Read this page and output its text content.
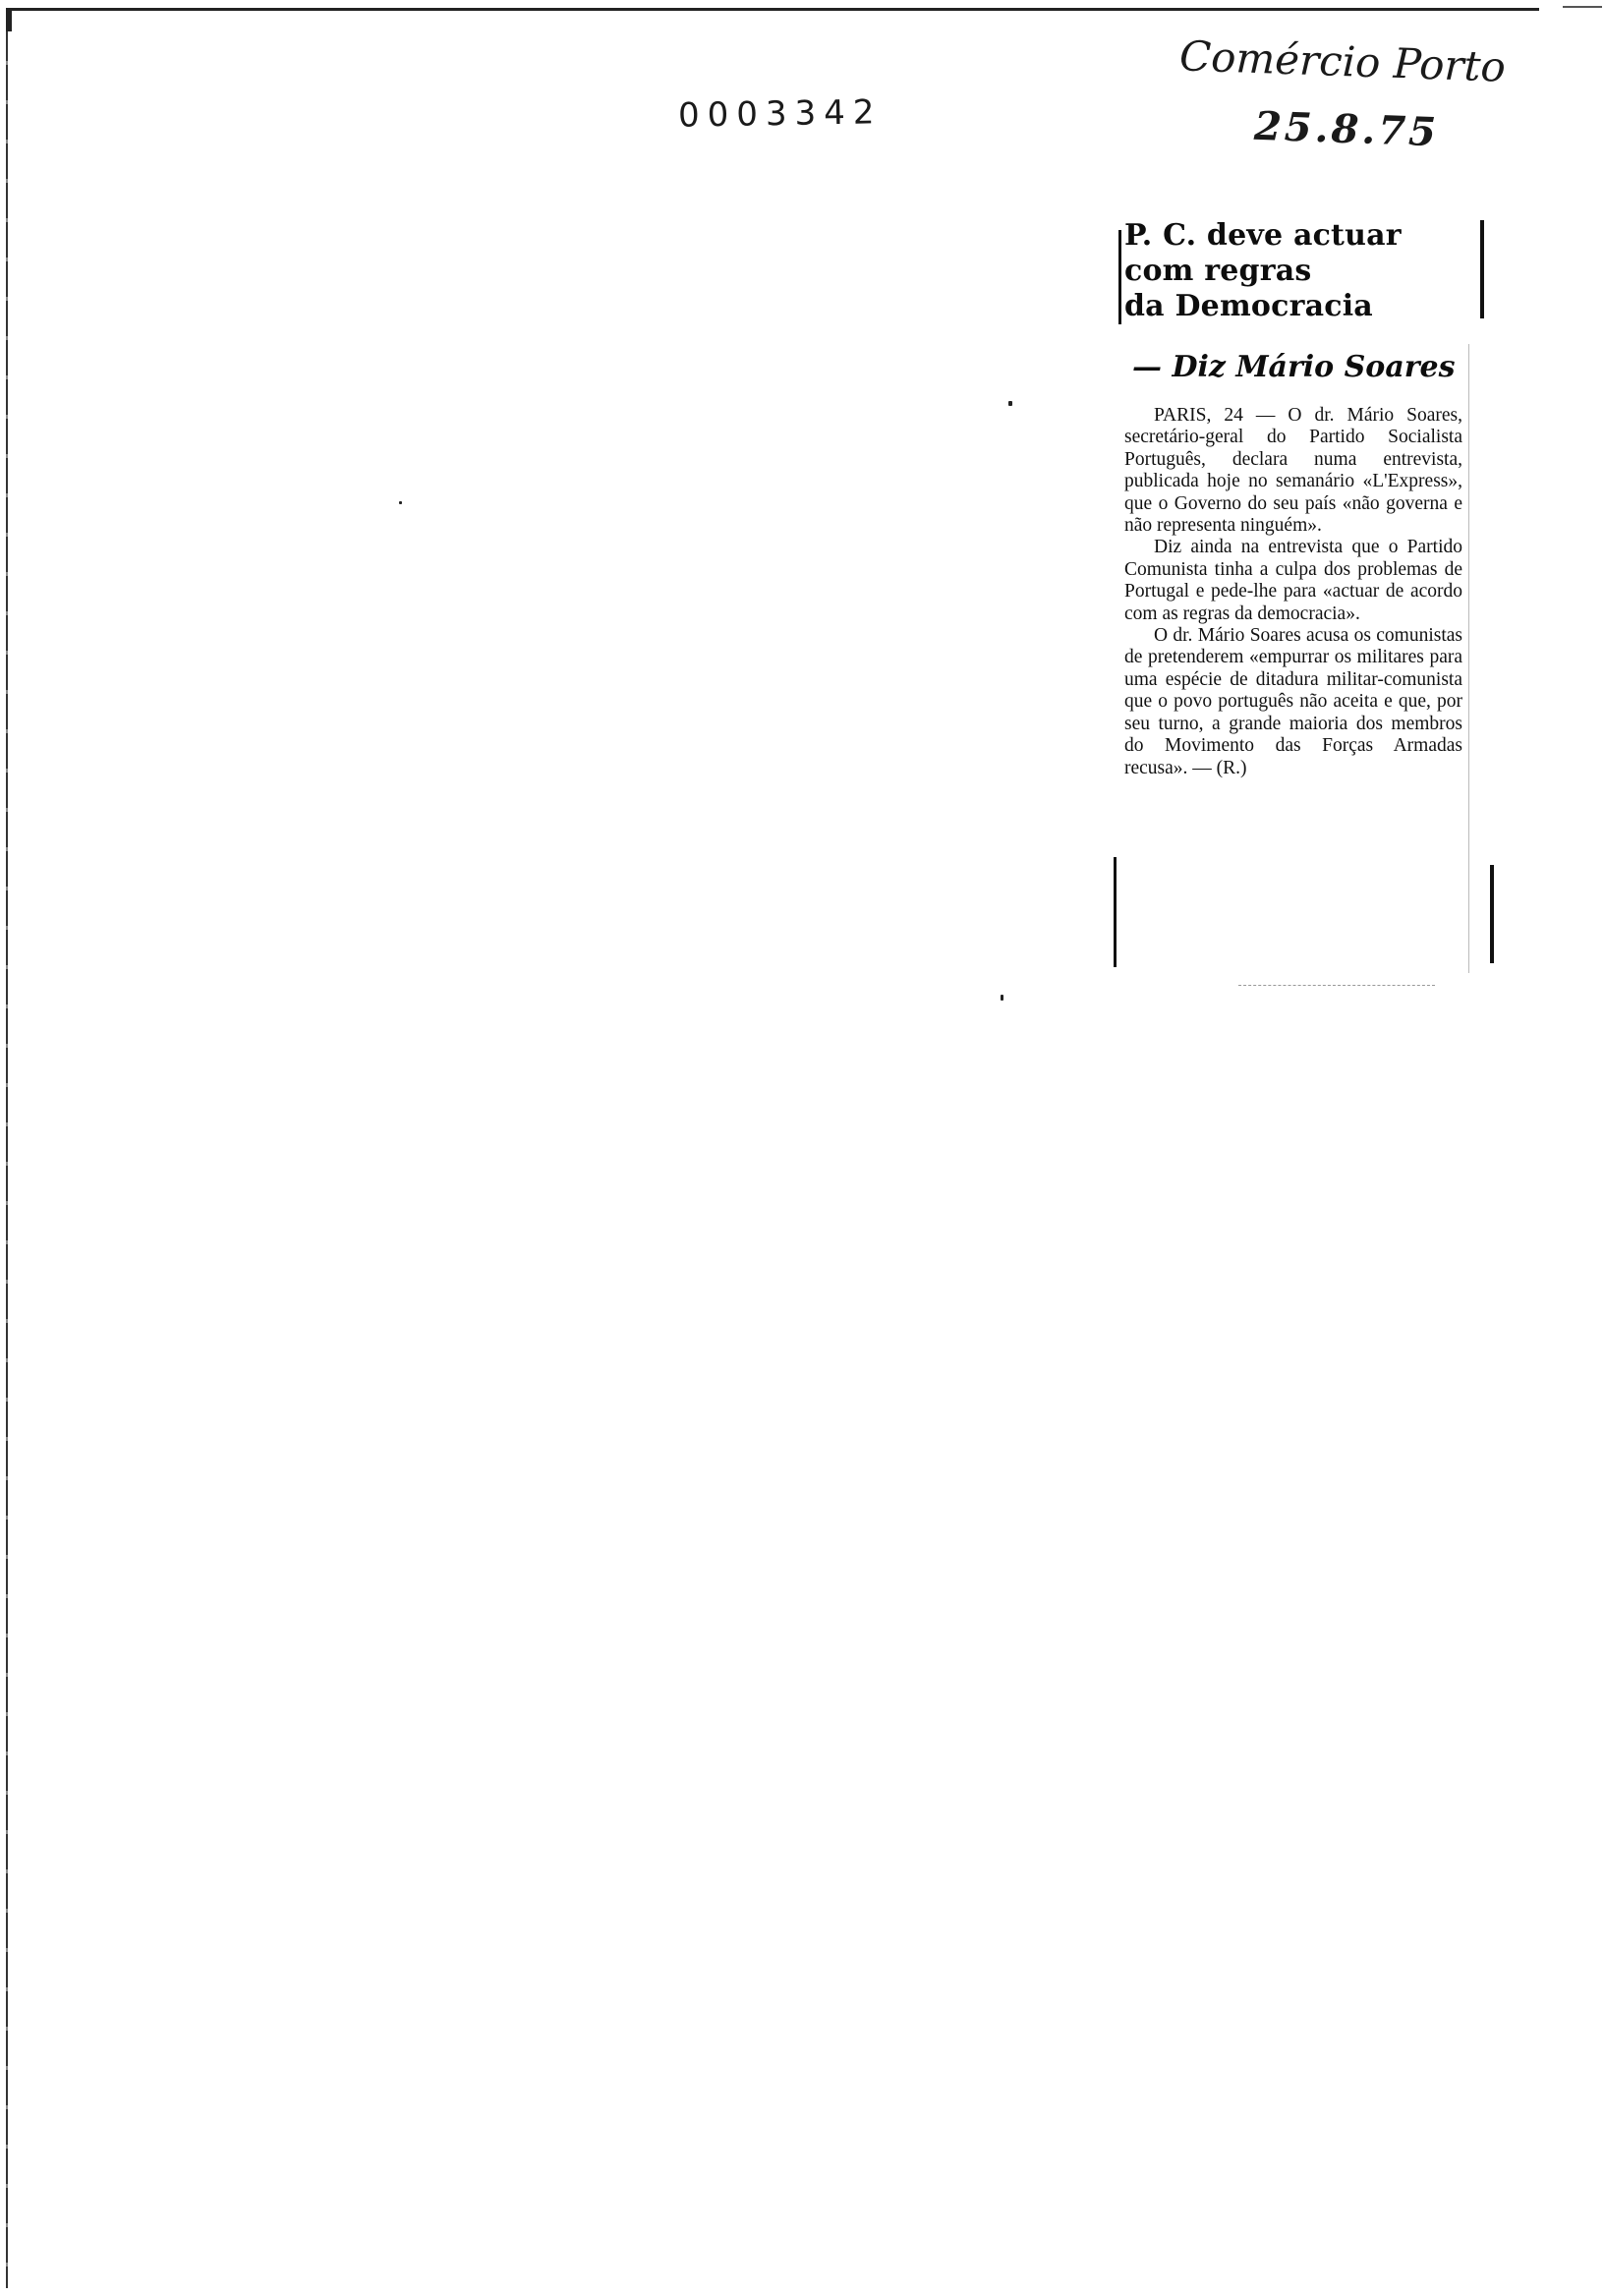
0003342
Comércio Porto
25.8.75
P. C. deve actuar
com regras
da Democracia
— Diz Mário Soares

PARIS, 24 — O dr. Mário Soares, secretário-geral do Partido Socialista Português, declara numa entrevista, publicada hoje no semanário «L'Express», que o Governo do seu país «não governa e não representa ninguém».

Diz ainda na entrevista que o Partido Comunista tinha a culpa dos problemas de Portugal e pede-lhe para «actuar de acordo com as regras da democracia».

O dr. Mário Soares acusa os comunistas de pretenderem «empurrar os militares para uma espécie de ditadura militar-comunista que o povo português não aceita e que, por seu turno, a grande maioria dos membros do Movimento das Forças Armadas recusa». — (R.)
